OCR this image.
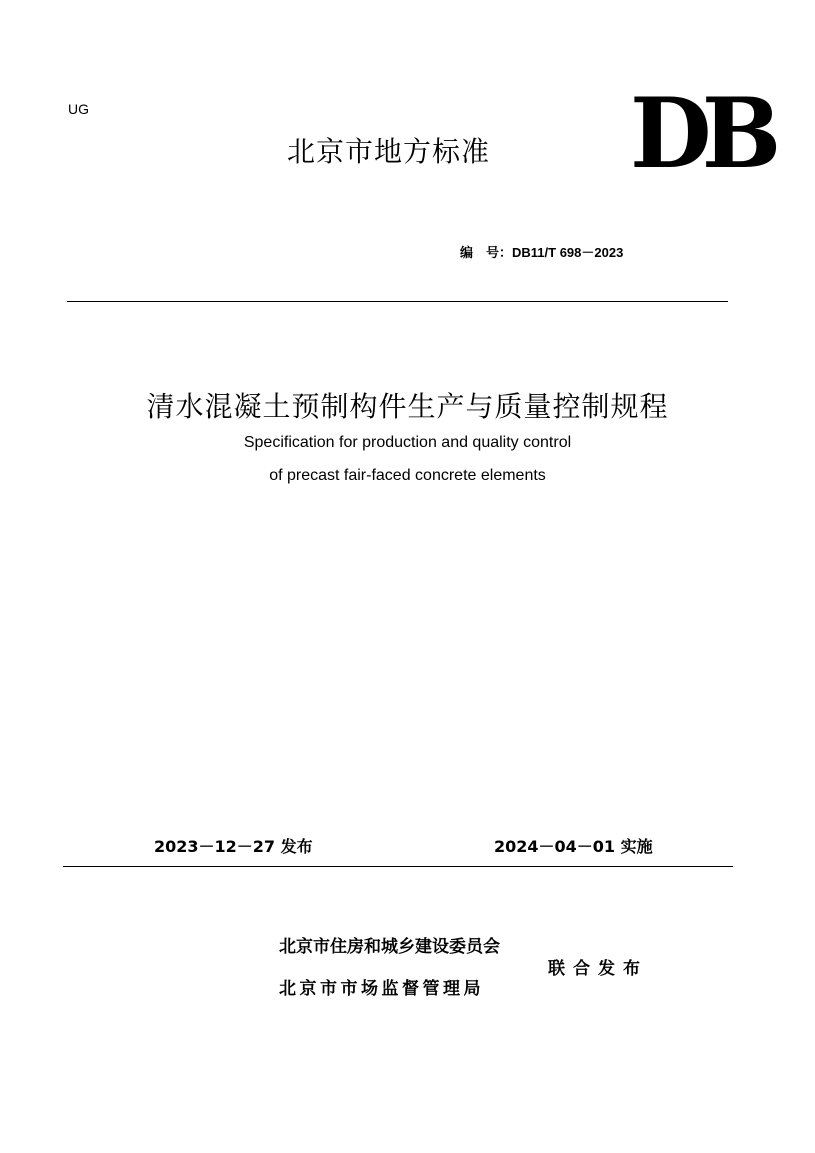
UG
北京市地方标准 DB
编　号：DB11/T 698－2023
清水混凝土预制构件生产与质量控制规程
Specification for production and quality control
of precast fair-faced concrete elements
2023－12－27 发布	2024－04－01 实施
北京市住房和城乡建设委员会
北京市市场监督管理局
联合发布
